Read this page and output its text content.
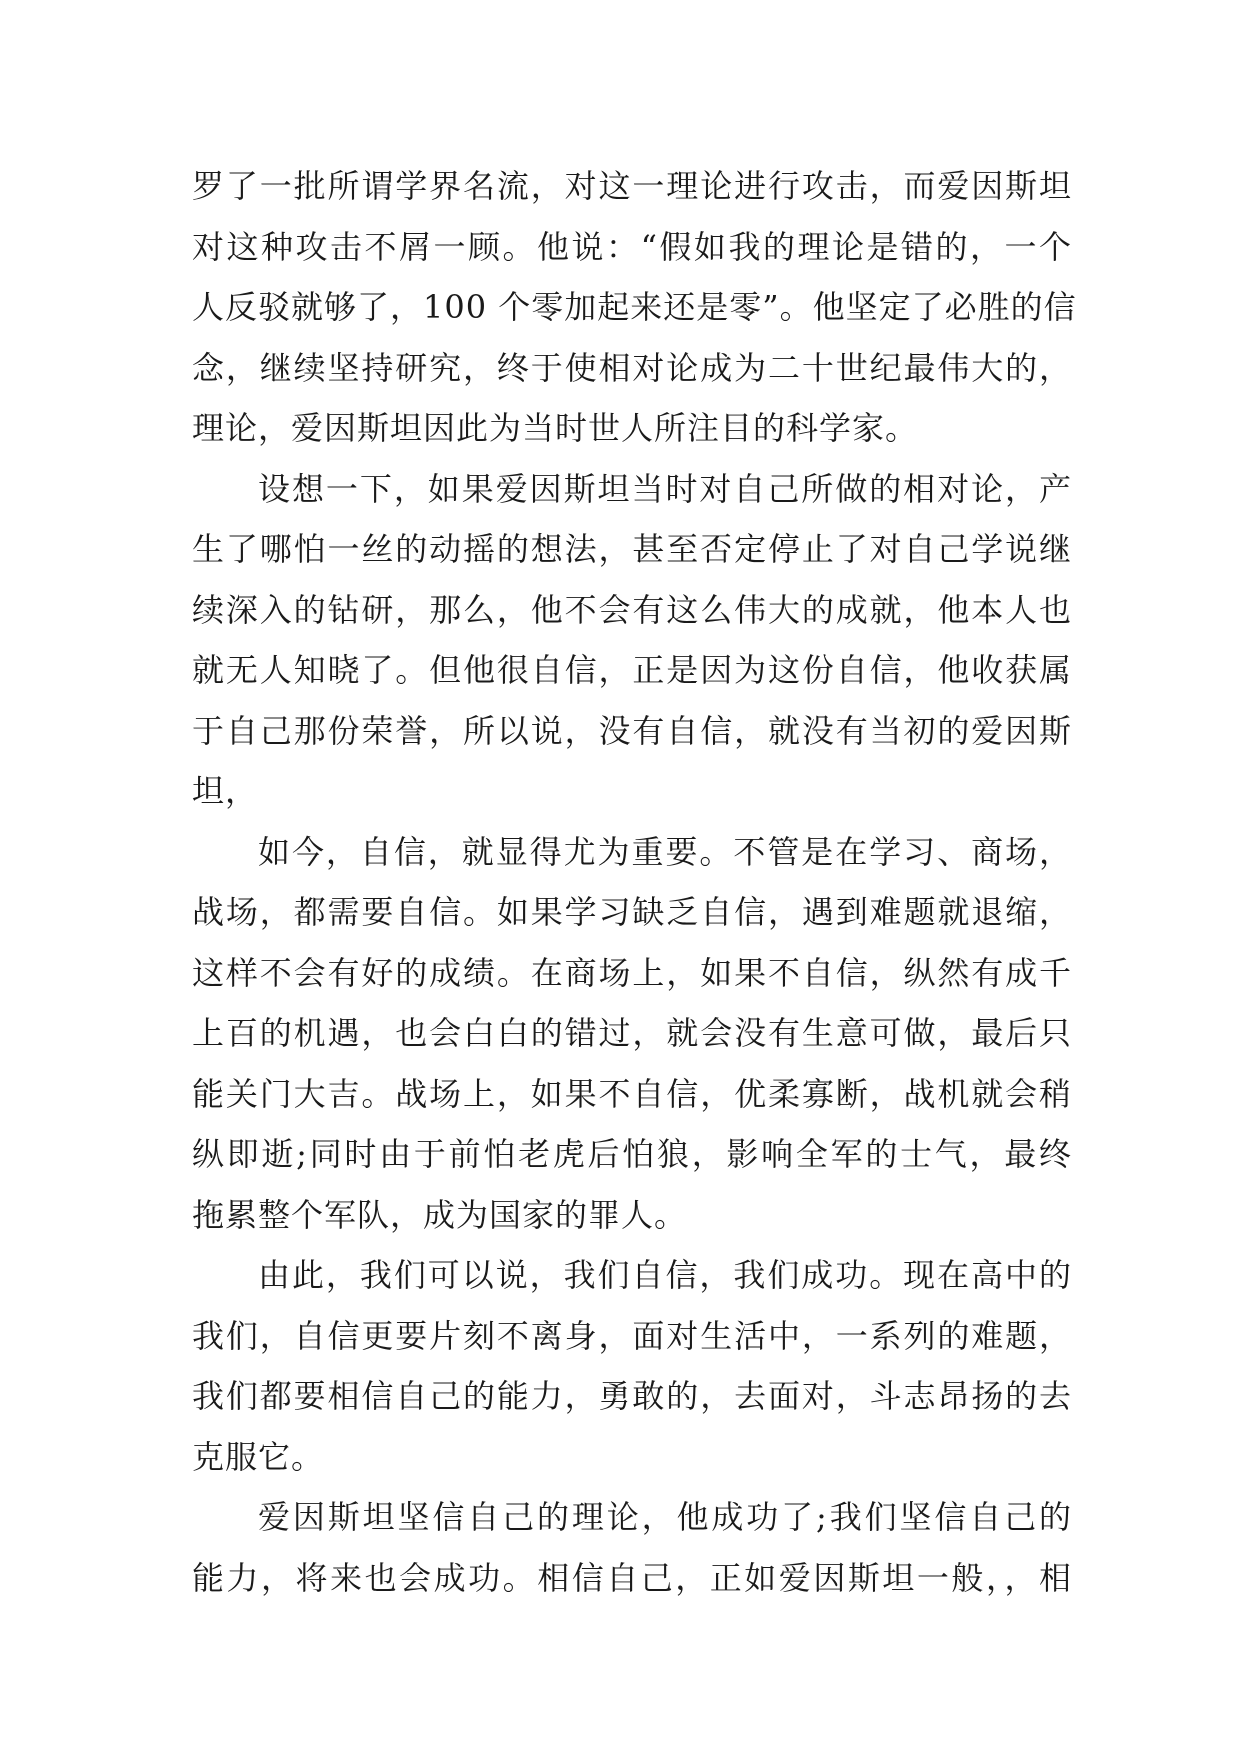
罗了一批所谓学界名流，对这一理论进行攻击，而爱因斯坦
对这种攻击不屑一顾。他说：“假如我的理论是错的，一个
人反驳就够了，100 个零加起来还是零”。他坚定了必胜的信
念，继续坚持研究，终于使相对论成为二十世纪最伟大的，
理论，爱因斯坦因此为当时世人所注目的科学家。
设想一下，如果爱因斯坦当时对自己所做的相对论，产
生了哪怕一丝的动摇的想法，甚至否定停止了对自己学说继
续深入的钻研，那么，他不会有这么伟大的成就，他本人也
就无人知晓了。但他很自信，正是因为这份自信，他收获属
于自己那份荣誉，所以说，没有自信，就没有当初的爱因斯
坦，
如今，自信，就显得尤为重要。不管是在学习、商场，
战场，都需要自信。如果学习缺乏自信，遇到难题就退缩，
这样不会有好的成绩。在商场上，如果不自信，纵然有成千
上百的机遇，也会白白的错过，就会没有生意可做，最后只
能关门大吉。战场上，如果不自信，优柔寡断，战机就会稍
纵即逝;同时由于前怕老虎后怕狼，影响全军的士气，最终
拖累整个军队，成为国家的罪人。
由此，我们可以说，我们自信，我们成功。现在高中的
我们，自信更要片刻不离身，面对生活中，一系列的难题，
我们都要相信自己的能力，勇敢的，去面对，斗志昂扬的去
克服它。
爱因斯坦坚信自己的理论，他成功了;我们坚信自己的
能力，将来也会成功。相信自己，正如爱因斯坦一般，，相
